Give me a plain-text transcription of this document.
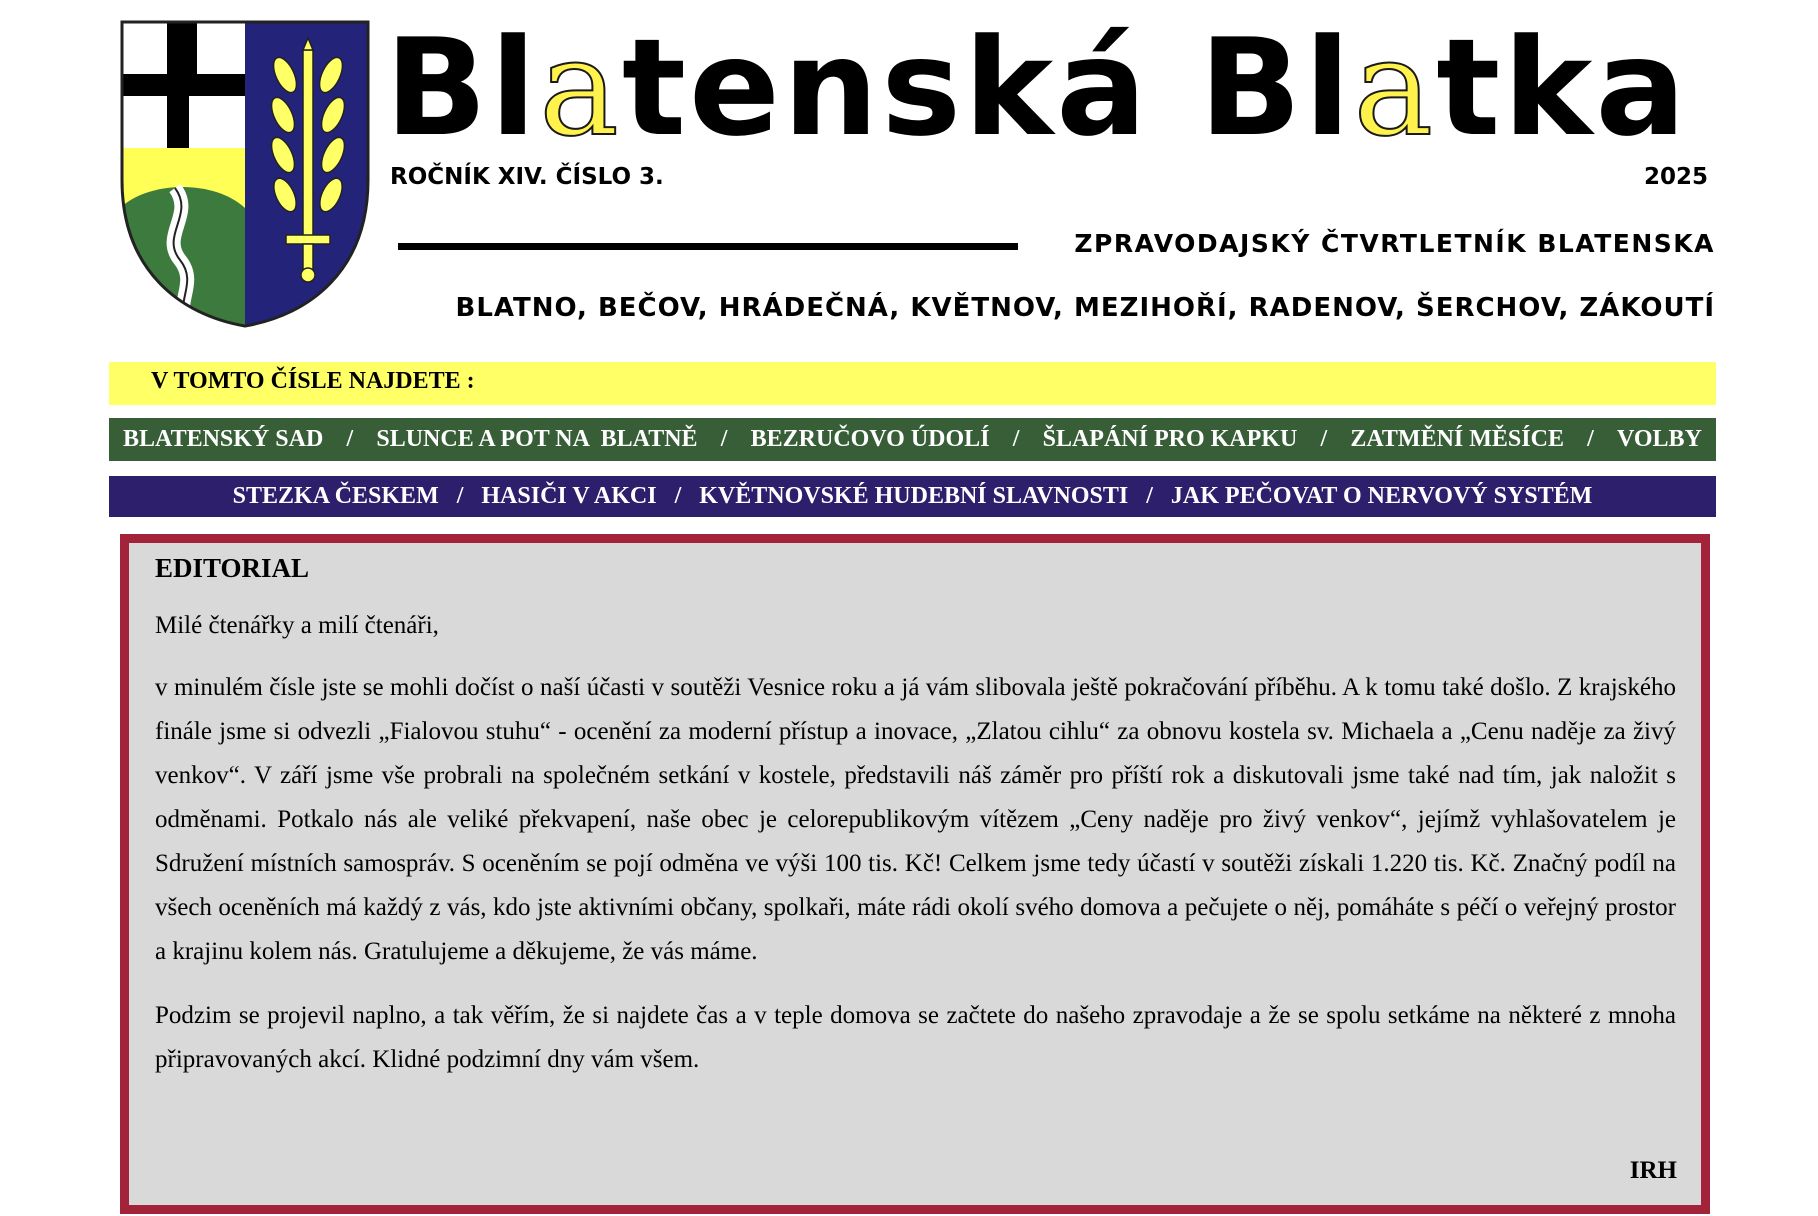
Blatenská Blatka
ROČNÍK XIV. ČÍSLO 3.	2025
ZPRAVODAJSKÝ ČTVRTLETNÍK BLATENSKA
BLATNO, BEČOV, HRÁDEČNÁ, KVĚTNOV, MEZIHOŘÍ, RADENOV, ŠERCHOV, ZÁKOUTÍ
V TOMTO ČÍSLE NAJDETE :
BLATENSKÝ SAD / SLUNCE A POT NA  BLATNĚ / BEZRUČOVO ÚDOLÍ / ŠLAPÁNÍ PRO KAPKU / ZATMĚNÍ MĚSÍCE / VOLBY
STEZKA ČESKEM / HASIČI V AKCI / KVĚTNOVSKÉ HUDEBNÍ SLAVNOSTI / JAK PEČOVAT O NERVOVÝ SYSTÉM
EDITORIAL

Milé čtenářky a milí čtenáři,

v minulém čísle jste se mohli dočíst o naší účasti v soutěži Vesnice roku a já vám slibovala ještě pokračování příběhu. A k tomu také došlo. Z krajského finále jsme si odvezli „Fialovou stuhu“ - ocenění za moderní přístup a inovace, „Zlatou cihlu“ za obnovu kostela sv. Michaela a „Cenu naděje za živý venkov“. V září jsme vše probrali na společném setkání v kostele, představili náš záměr pro příští rok a diskutovali jsme také nad tím, jak naložit s odměnami. Potkalo nás ale veliké překvapení, naše obec je celorepublikovým vítězem „Ceny naděje pro živý venkov“, jejímž vyhlašovatelem je Sdružení místních samospráv. S oceněním se pojí odměna ve výši 100 tis. Kč! Celkem jsme tedy účastí v soutěži získali 1.220 tis. Kč. Značný podíl na všech oceněních má každý z vás, kdo jste aktivními občany, spolkaři, máte rádi okolí svého domova a pečujete o něj, pomáháte s péčí o veřejný prostor a krajinu kolem nás. Gratulujeme a děkujeme, že vás máme.

Podzim se projevil naplno, a tak věřím, že si najdete čas a v teple domova se začtete do našeho zpravodaje a že se spolu setkáme na některé z mnoha připravovaných akcí. Klidné podzimní dny vám všem.

IRH
